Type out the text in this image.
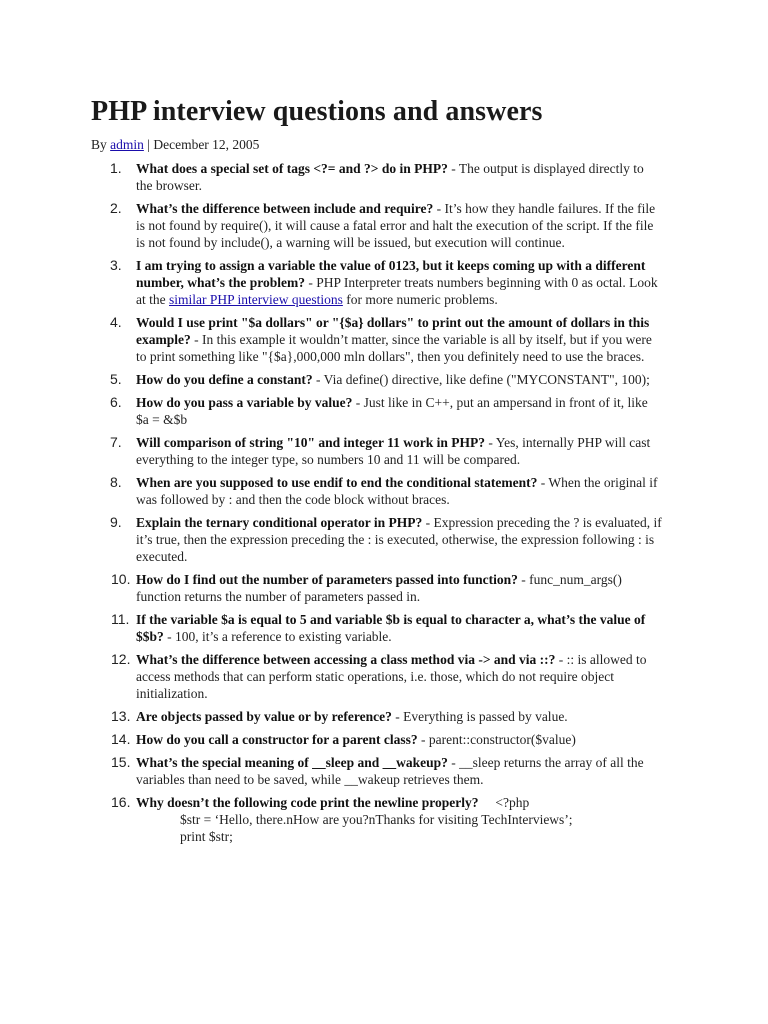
PHP interview questions and answers
By admin | December 12, 2005
1. What does a special set of tags <?= and ?> do in PHP? - The output is displayed directly to the browser.
2. What’s the difference between include and require? - It’s how they handle failures. If the file is not found by require(), it will cause a fatal error and halt the execution of the script. If the file is not found by include(), a warning will be issued, but execution will continue.
3. I am trying to assign a variable the value of 0123, but it keeps coming up with a different number, what’s the problem? - PHP Interpreter treats numbers beginning with 0 as octal. Look at the similar PHP interview questions for more numeric problems.
4. Would I use print "$a dollars" or "{$a} dollars" to print out the amount of dollars in this example? - In this example it wouldn’t matter, since the variable is all by itself, but if you were to print something like "{$a},000,000 mln dollars", then you definitely need to use the braces.
5. How do you define a constant? - Via define() directive, like define ("MYCONSTANT", 100);
6. How do you pass a variable by value? - Just like in C++, put an ampersand in front of it, like $a = &$b
7. Will comparison of string "10" and integer 11 work in PHP? - Yes, internally PHP will cast everything to the integer type, so numbers 10 and 11 will be compared.
8. When are you supposed to use endif to end the conditional statement? - When the original if was followed by : and then the code block without braces.
9. Explain the ternary conditional operator in PHP? - Expression preceding the ? is evaluated, if it’s true, then the expression preceding the : is executed, otherwise, the expression following : is executed.
10. How do I find out the number of parameters passed into function? - func_num_args() function returns the number of parameters passed in.
11. If the variable $a is equal to 5 and variable $b is equal to character a, what’s the value of $$b? - 100, it’s a reference to existing variable.
12. What’s the difference between accessing a class method via -> and via ::? - :: is allowed to access methods that can perform static operations, i.e. those, which do not require object initialization.
13. Are objects passed by value or by reference? - Everything is passed by value.
14. How do you call a constructor for a parent class? - parent::constructor($value)
15. What’s the special meaning of __sleep and __wakeup? - __sleep returns the array of all the variables than need to be saved, while __wakeup retrieves them.
16. Why doesn’t the following code print the newline properly?     <?php
$str = ‘Hello, there.nHow are you?nThanks for visiting TechInterviews’;
print $str;
